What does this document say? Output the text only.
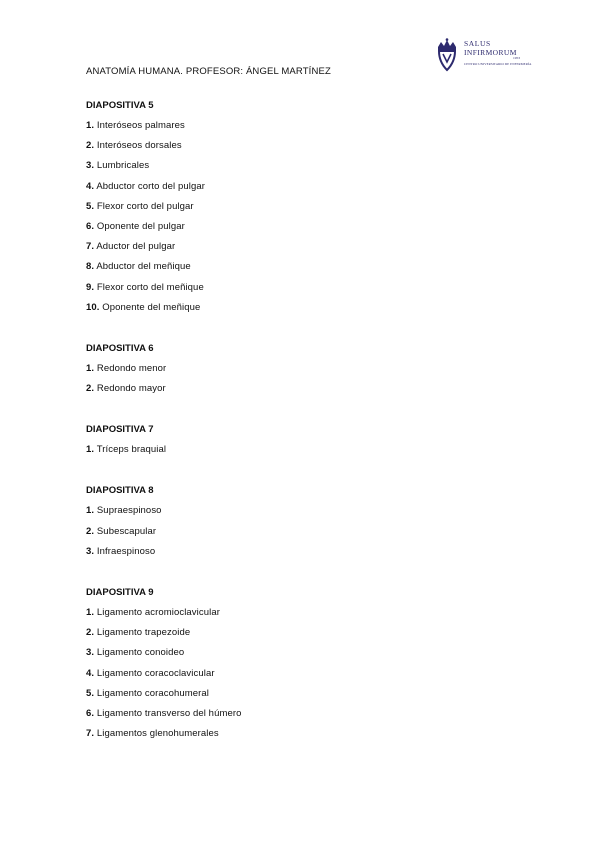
SALUS
INFIRMORUM
1953
CENTRO UNIVERSITARIO DE ENFERMERÍA
ANATOMÍA HUMANA. PROFESOR: ÁNGEL MARTÍNEZ
DIAPOSITIVA 5
1. Interóseos palmares
2. Interóseos dorsales
3. Lumbricales
4. Abductor corto del pulgar
5. Flexor corto del pulgar
6. Oponente del pulgar
7. Aductor del pulgar
8. Abductor del meñique
9. Flexor corto del meñique
10. Oponente del meñique
DIAPOSITIVA 6
1. Redondo menor
2. Redondo mayor
DIAPOSITIVA 7
1. Tríceps braquial
DIAPOSITIVA 8
1. Supraespinoso
2. Subescapular
3. Infraespinoso
DIAPOSITIVA 9
1. Ligamento acromioclavicular
2. Ligamento trapezoide
3. Ligamento conoideo
4. Ligamento coracoclavicular
5. Ligamento coracohumeral
6. Ligamento transverso del húmero
7. Ligamentos glenohumerales
